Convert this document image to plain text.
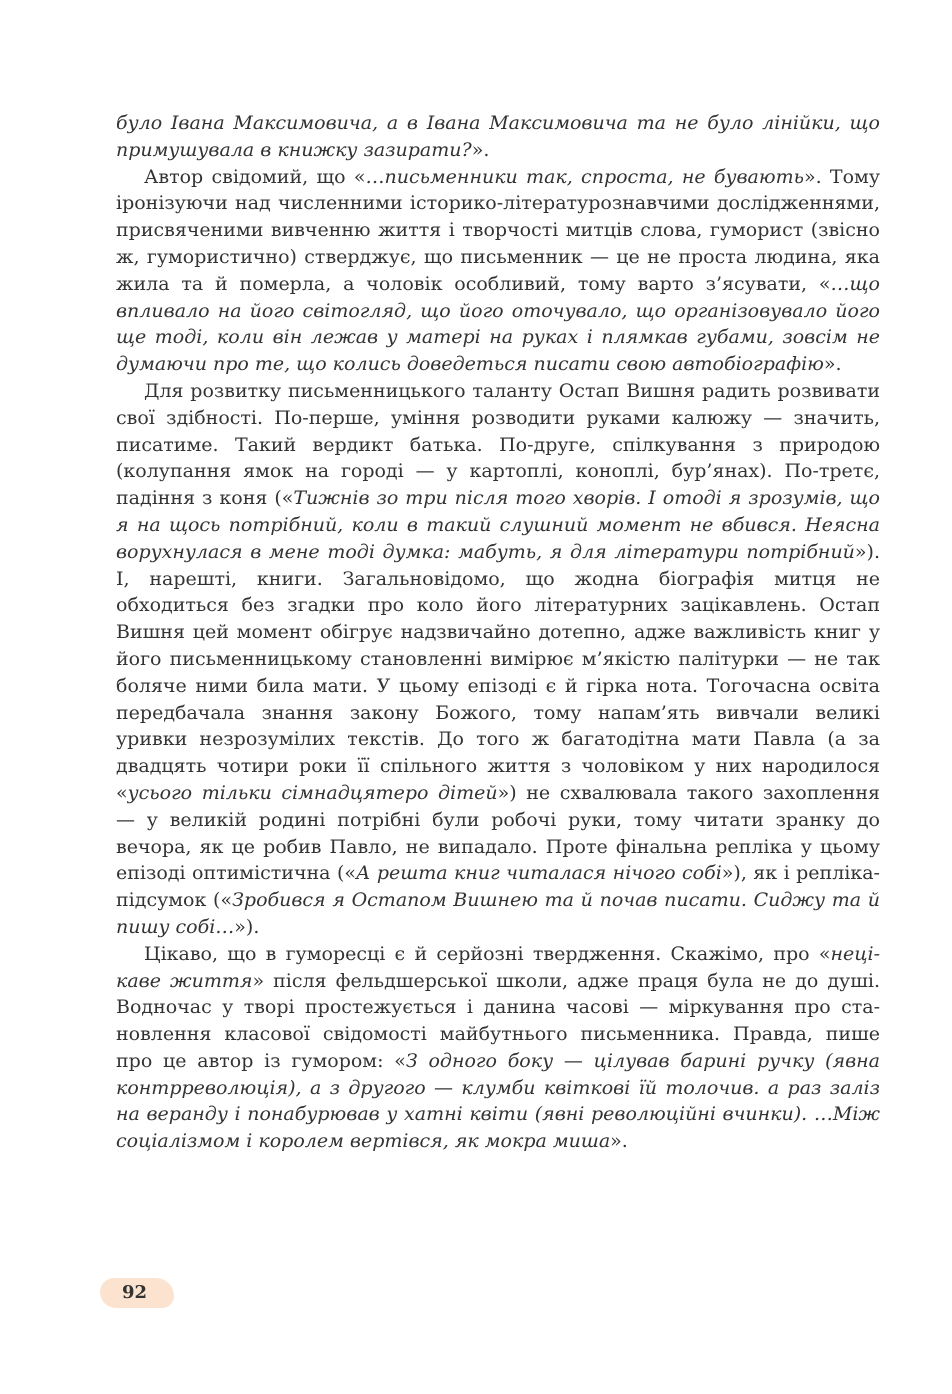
було Івана Максимовича, а в Івана Максимовича та не було лінійки, що примушувала в книжку зазирати?».

Автор свідомий, що «…письменники так, спроста, не бувають». Тому іронізуючи над численними історико-літературознавчими дослідженнями, присвяченими вивченню життя і творчості митців слова, гуморист (звісно ж, гумористично) стверджує, що письменник — це не проста людина, яка жила та й померла, а чоловік особливий, тому варто з’ясувати, «…що впливало на його світогляд, що його оточувало, що організовувало його ще тоді, коли він лежав у матері на руках і плямкав губами, зовсім не думаючи про те, що колись доведеться писати свою автобіографію».

Для розвитку письменницького таланту Остап Вишня радить розвивати свої здібності. По-перше, уміння розводити руками калюжу — значить, писатиме. Такий вердикт батька. По-друге, спілкування з природою (колупання ямок на городі — у картоплі, коноплі, бур’янах). По-третє, падіння з коня («Тижнів зо три після того хворів. І отоді я зрозумів, що я на щось потрібний, коли в такий слушний момент не вбився. Неясна ворухнулася в мене тоді думка: мабуть, я для літератури потрібний»). І, нарешті, книги. Загальновідомо, що жодна біографія митця не обходиться без згадки про коло його літературних зацікавлень. Остап Вишня цей момент обігрує надзвичайно дотепно, адже важливість книг у його письменницькому становленні вимірює м’якістю палітурки — не так боляче ними била мати. У цьому епізоді є й гірка нота. Тогочасна освіта передбачала знання закону Божого, тому напам’ять вивчали великі уривки незрозумілих текстів. До того ж багатодітна мати Павла (а за двадцять чотири роки її спільного життя з чоловіком у них народилося «усього тільки сімнадцятеро дітей») не схвалювала такого захоплення — у великій родині потрібні були робочі руки, тому читати зранку до вечора, як це робив Павло, не випадало. Проте фінальна репліка у цьому епізоді оптимістична («А решта книг читалася нічого собі»), як і репліка-підсумок («Зробився я Остапом Вишнею та й почав писати. Сиджу та й пишу собі…»).

Цікаво, що в гуморесці є й серйозні твердження. Скажімо, про «нецікаве життя» після фельдшерської школи, адже праця була не до душі. Водночас у творі простежується і данина часові — міркування про становлення класової свідомості майбутнього письменника. Правда, пише про це автор із гумором: «З одного боку — цілував барині ручку (явна контрреволюція), а з другого — клумби квіткові їй толочив. а раз заліз на веранду і понабурював у хатні квіти (явні революційні вчинки). …Між соціалізмом і королем вертівся, як мокра миша».

92
